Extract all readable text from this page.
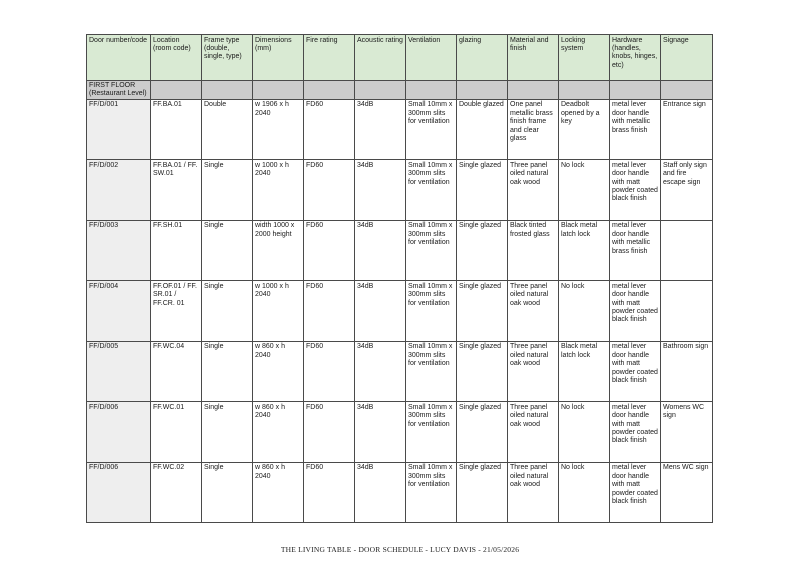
Door number/code	Location (room code)	Frame type (double, single, type)	Dimensions (mm)	Fire rating	Acoustic rating	Ventilation	glazing	Material and finish	Locking system	Hardware (handles, knobs, hinges, etc)	Signage
FIRST FLOOR (Restaurant Level)											
FF/D/001	FF.BA.01	Double	w 1906 x h 2040	FD60	34dB	Small 10mm x 300mm slits for ventilation	Double glazed	One panel metallic brass finish frame and clear glass	Deadbolt opened by a key	metal lever door handle with metallic brass finish	Entrance sign
FF/D/002	FF.BA.01 / FF. SW.01	Single	w 1000 x h 2040	FD60	34dB	Small 10mm x 300mm slits for ventilation	Single glazed	Three panel oiled natural oak wood	No lock	metal lever door handle with matt powder coated black finish	Staff only sign and fire escape sign
FF/D/003	FF.SH.01	Single	width 1000 x 2000 height	FD60	34dB	Small 10mm x 300mm slits for ventilation	Single glazed	Black tinted frosted glass	Black metal latch lock	metal lever door handle with metallic brass finish	
FF/D/004	FF.OF.01 / FF. SR.01 / FF.CR. 01	Single	w 1000 x h 2040	FD60	34dB	Small 10mm x 300mm slits for ventilation	Single glazed	Three panel oiled natural oak wood	No lock	metal lever door handle with matt powder coated black finish	
FF/D/005	FF.WC.04	Single	w 860 x h 2040	FD60	34dB	Small 10mm x 300mm slits for ventilation	Single glazed	Three panel oiled natural oak wood	Black metal latch lock	metal lever door handle with matt powder coated black finish	Bathroom sign
FF/D/006	FF.WC.01	Single	w 860 x h 2040	FD60	34dB	Small 10mm x 300mm slits for ventilation	Single glazed	Three panel oiled natural oak wood	No lock	metal lever door handle with matt powder coated black finish	Womens WC sign
FF/D/006	FF.WC.02	Single	w 860 x h 2040	FD60	34dB	Small 10mm x 300mm slits for ventilation	Single glazed	Three panel oiled natural oak wood	No lock	metal lever door handle with matt powder coated black finish	Mens WC sign
THE LIVING TABLE - DOOR SCHEDULE - LUCY DAVIS - 21/05/2026
